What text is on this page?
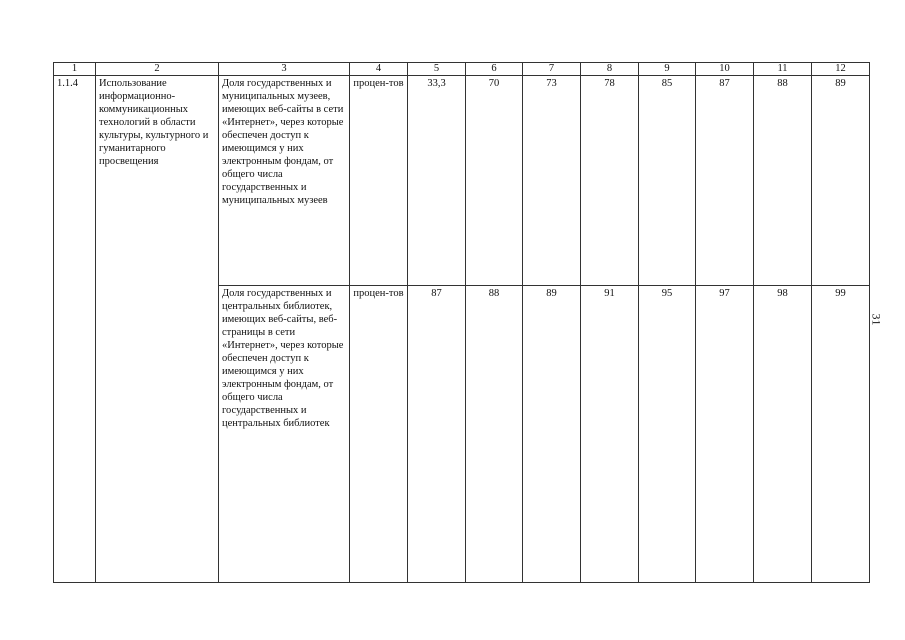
1	2	3	4	5	6	7	8	9	10	11	12
1.1.4	Использование информационно-коммуникационных технологий в области культуры, культурного и гуманитарного просвещения	Доля государственных и муниципальных музеев, имеющих веб-сайты в сети «Интернет», через которые обеспечен доступ к имеющимся у них электронным фондам, от общего числа государственных и муниципальных музеев	процен-тов	33,3	70	73	78	85	87	88	89
		Доля государственных и центральных библиотек, имеющих веб-сайты, веб-страницы в сети «Интернет», через которые обеспечен доступ к имеющимся у них электронным фондам, от общего числа государственных и центральных библиотек	процен-тов	87	88	89	91	95	97	98	99
31
